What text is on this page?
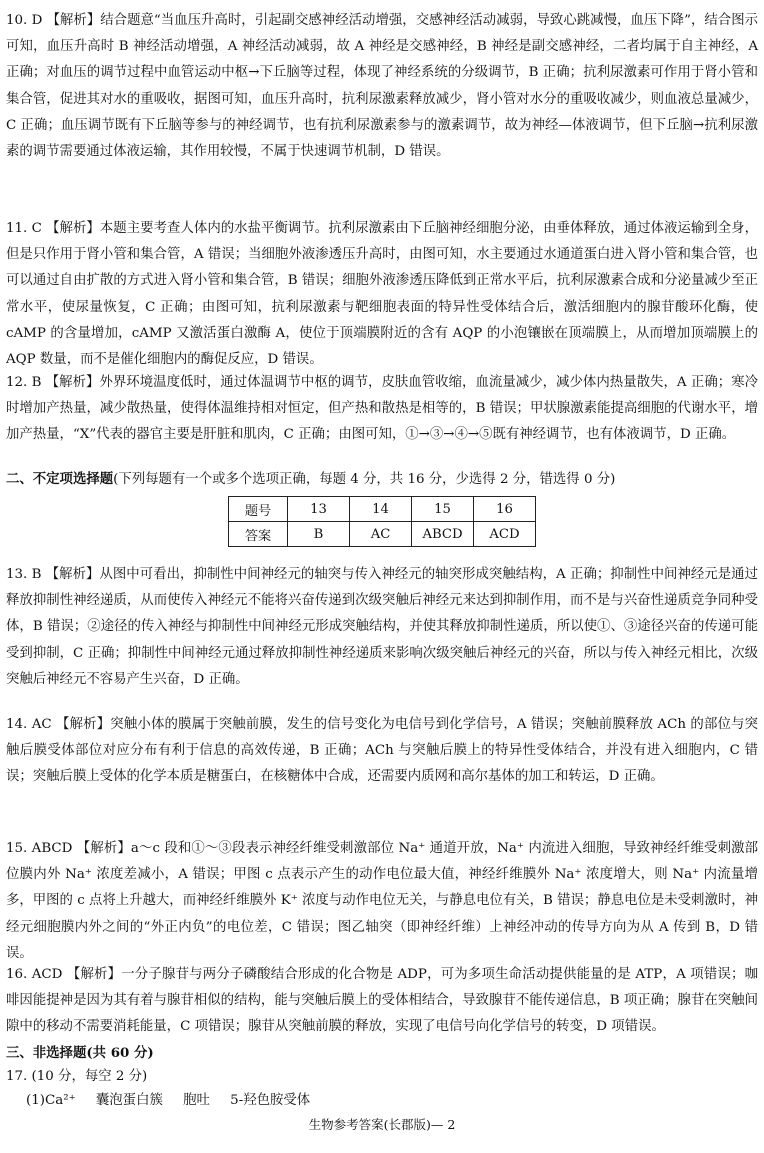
10. D 【解析】结合题意“当血压升高时，引起副交感神经活动增强，交感神经活动减弱，导致心跳减慢，血压下降”，结合图示可知，血压升高时 B 神经活动增强，A 神经活动减弱，故 A 神经是交感神经，B 神经是副交感神经，二者均属于自主神经，A 正确；对血压的调节过程中血管运动中枢→下丘脑等过程，体现了神经系统的分级调节，B 正确；抗利尿激素可作用于肾小管和集合管，促进其对水的重吸收，据图可知，血压升高时，抗利尿激素释放减少，肾小管对水分的重吸收减少，则血液总量减少，C 正确；血压调节既有下丘脑等参与的神经调节，也有抗利尿激素参与的激素调节，故为神经—体液调节，但下丘脑→抗利尿激素的调节需要通过体液运输，其作用较慢，不属于快速调节机制，D 错误。
11. C 【解析】本题主要考查人体内的水盐平衡调节。抗利尿激素由下丘脑神经细胞分泌，由垂体释放，通过体液运输到全身，但是只作用于肾小管和集合管，A 错误；当细胞外液渗透压升高时，由图可知，水主要通过水通道蛋白进入肾小管和集合管，也可以通过自由扩散的方式进入肾小管和集合管，B 错误；细胞外液渗透压降低到正常水平后，抗利尿激素合成和分泌量减少至正常水平，使尿量恢复，C 正确；由图可知，抗利尿激素与靶细胞表面的特异性受体结合后，激活细胞内的腺苷酸环化酶，使 cAMP 的含量增加，cAMP 又激活蛋白激酶 A，使位于顶端膜附近的含有 AQP 的小泡镶嵌在顶端膜上，从而增加顶端膜上的 AQP 数量，而不是催化细胞内的酶促反应，D 错误。
12. B 【解析】外界环境温度低时，通过体温调节中枢的调节，皮肤血管收缩，血流量减少，减少体内热量散失，A 正确；寒冷时增加产热量，减少散热量，使得体温维持相对恒定，但产热和散热是相等的，B 错误；甲状腺激素能提高细胞的代谢水平，增加产热量，“X”代表的器官主要是肝脏和肌肉，C 正确；由图可知，①→③→④→⑤既有神经调节，也有体液调节，D 正确。
二、不定项选择题(下列每题有一个或多个选项正确，每题 4 分，共 16 分，少选得 2 分，错选得 0 分)
题号	13	14	15	16
答案	B	AC	ABCD	ACD
13. B 【解析】从图中可看出，抑制性中间神经元的轴突与传入神经元的轴突形成突触结构，A 正确；抑制性中间神经元是通过释放抑制性神经递质，从而使传入神经元不能将兴奋传递到次级突触后神经元来达到抑制作用，而不是与兴奋性递质竞争同种受体，B 错误；②途径的传入神经与抑制性中间神经元形成突触结构，并使其释放抑制性递质，所以使①、③途径兴奋的传递可能受到抑制，C 正确；抑制性中间神经元通过释放抑制性神经递质来影响次级突触后神经元的兴奋，所以与传入神经元相比，次级突触后神经元不容易产生兴奋，D 正确。
14. AC 【解析】突触小体的膜属于突触前膜，发生的信号变化为电信号到化学信号，A 错误；突触前膜释放 ACh 的部位与突触后膜受体部位对应分布有利于信息的高效传递，B 正确；ACh 与突触后膜上的特异性受体结合，并没有进入细胞内，C 错误；突触后膜上受体的化学本质是糖蛋白，在核糖体中合成，还需要内质网和高尔基体的加工和转运，D 正确。
15. ABCD 【解析】a～c 段和①～③段表示神经纤维受刺激部位 Na⁺ 通道开放，Na⁺ 内流进入细胞，导致神经纤维受刺激部位膜内外 Na⁺ 浓度差减小，A 错误；甲图 c 点表示产生的动作电位最大值，神经纤维膜外 Na⁺ 浓度增大，则 Na⁺ 内流量增多，甲图的 c 点将上升越大，而神经纤维膜外 K⁺ 浓度与动作电位无关，与静息电位有关，B 错误；静息电位是未受刺激时，神经元细胞膜内外之间的“外正内负”的电位差，C 错误；图乙轴突（即神经纤维）上神经冲动的传导方向为从 A 传到 B，D 错误。
16. ACD 【解析】一分子腺苷与两分子磷酸结合形成的化合物是 ADP，可为多项生命活动提供能量的是 ATP，A 项错误；咖啡因能提神是因为其有着与腺苷相似的结构，能与突触后膜上的受体相结合，导致腺苷不能传递信息，B 项正确；腺苷在突触间隙中的移动不需要消耗能量，C 项错误；腺苷从突触前膜的释放，实现了电信号向化学信号的转变，D 项错误。
三、非选择题(共 60 分)
17. (10 分，每空 2 分)
(1)Ca²⁺ 囊泡蛋白簇 胞吐 5-羟色胺受体
生物参考答案(长郡版)— 2
